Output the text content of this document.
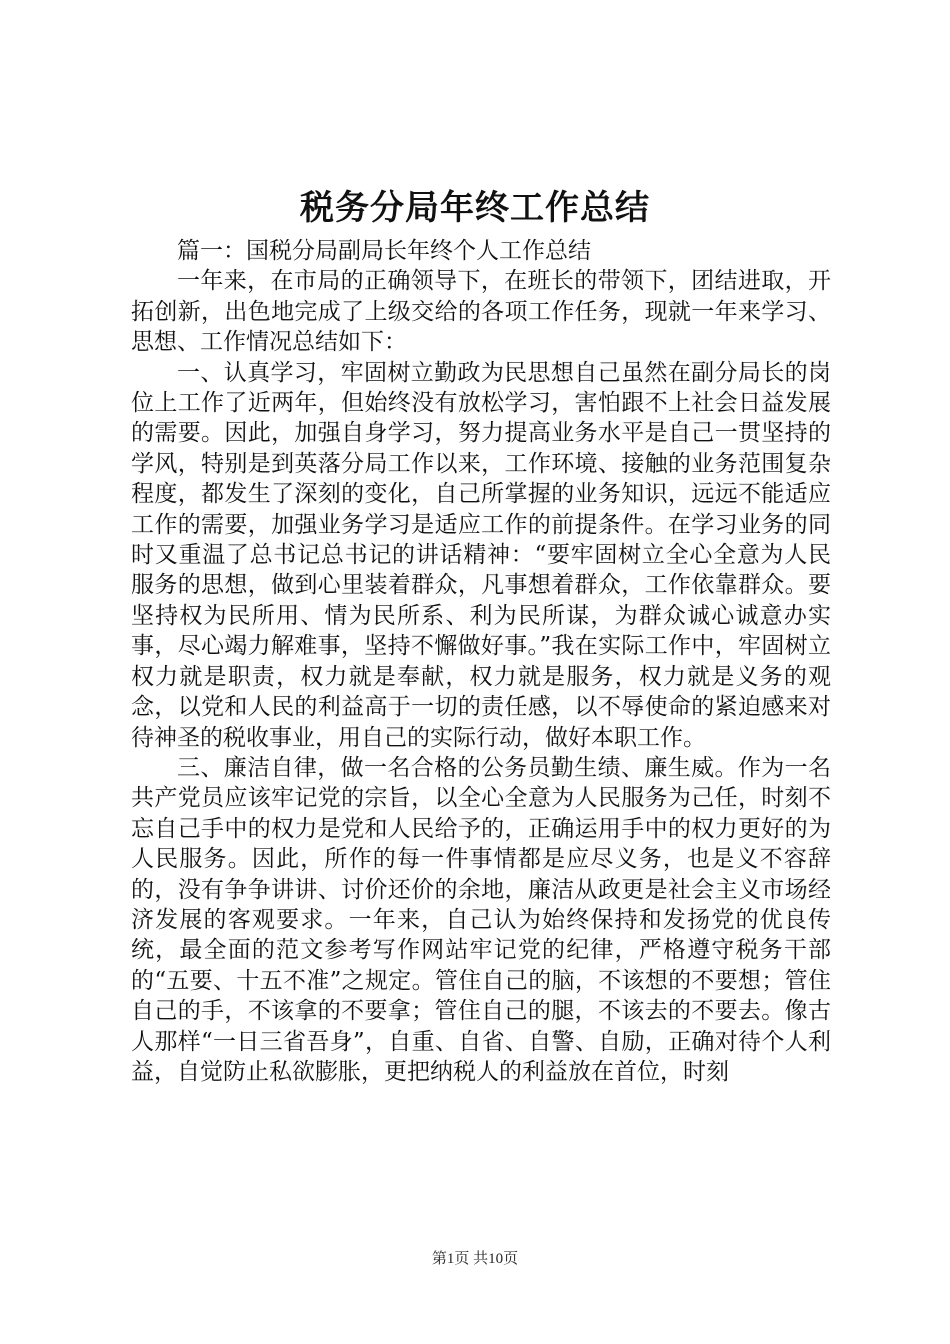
税务分局年终工作总结

篇一：国税分局副局长年终个人工作总结

一年来，在市局的正确领导下，在班长的带领下，团结进取，开拓创新，出色地完成了上级交给的各项工作任务，现就一年来学习、思想、工作情况总结如下：

一、认真学习，牢固树立勤政为民思想自己虽然在副分局长的岗位上工作了近两年，但始终没有放松学习，害怕跟不上社会日益发展的需要。因此，加强自身学习，努力提高业务水平是自己一贯坚持的学风，特别是到英落分局工作以来，工作环境、接触的业务范围复杂程度，都发生了深刻的变化，自己所掌握的业务知识，远远不能适应工作的需要，加强业务学习是适应工作的前提条件。在学习业务的同时又重温了总书记总书记的讲话精神：“要牢固树立全心全意为人民服务的思想，做到心里装着群众，凡事想着群众，工作依靠群众。要坚持权为民所用、情为民所系、利为民所谋，为群众诚心诚意办实事，尽心竭力解难事，坚持不懈做好事。”我在实际工作中，牢固树立权力就是职责，权力就是奉献，权力就是服务，权力就是义务的观念，以党和人民的利益高于一切的责任感，以不辱使命的紧迫感来对待神圣的税收事业，用自己的实际行动，做好本职工作。

三、廉洁自律，做一名合格的公务员勤生绩、廉生威。作为一名共产党员应该牢记党的宗旨，以全心全意为人民服务为己任，时刻不忘自己手中的权力是党和人民给予的，正确运用手中的权力更好的为人民服务。因此，所作的每一件事情都是应尽义务，也是义不容辞的，没有争争讲讲、讨价还价的余地，廉洁从政更是社会主义市场经济发展的客观要求。一年来，自己认为始终保持和发扬党的优良传统，最全面的范文参考写作网站牢记党的纪律，严格遵守税务干部的“五要、十五不准”之规定。管住自己的脑，不该想的不要想；管住自己的手，不该拿的不要拿；管住自己的腿，不该去的不要去。像古人那样“一日三省吾身”，自重、自省、自警、自励，正确对待个人利益，自觉防止私欲膨胀，更把纳税人的利益放在首位，时刻

第1页 共10页
